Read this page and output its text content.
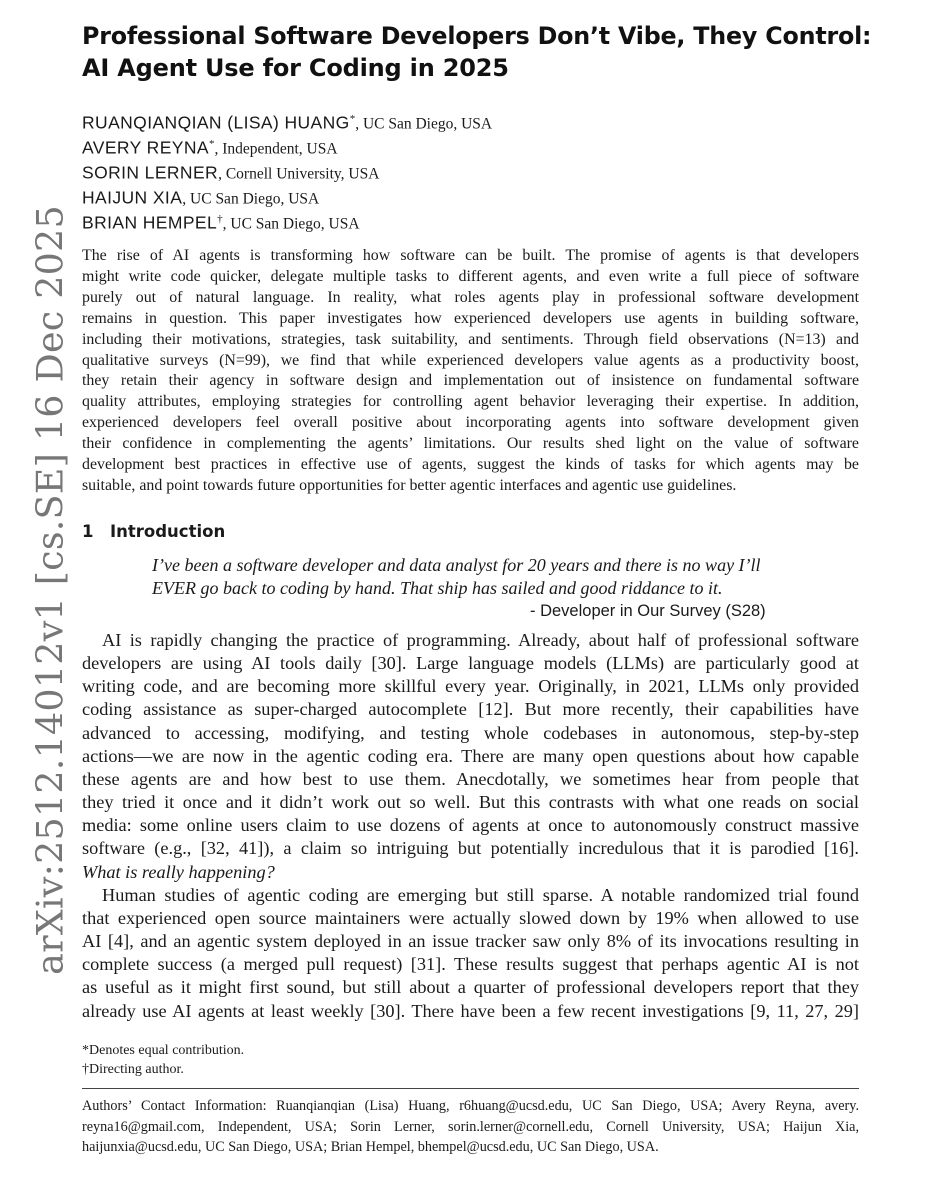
arXiv:2512.14012v1 [cs.SE] 16 Dec 2025
Professional Software Developers Don’t Vibe, They Control:
AI Agent Use for Coding in 2025
RUANQIANQIAN (LISA) HUANG*, UC San Diego, USA
AVERY REYNA*, Independent, USA
SORIN LERNER, Cornell University, USA
HAIJUN XIA, UC San Diego, USA
BRIAN HEMPEL†, UC San Diego, USA
The rise of AI agents is transforming how software can be built. The promise of agents is that developers
might write code quicker, delegate multiple tasks to different agents, and even write a full piece of software
purely out of natural language. In reality, what roles agents play in professional software development
remains in question. This paper investigates how experienced developers use agents in building software,
including their motivations, strategies, task suitability, and sentiments. Through field observations (N=13) and
qualitative surveys (N=99), we find that while experienced developers value agents as a productivity boost,
they retain their agency in software design and implementation out of insistence on fundamental software
quality attributes, employing strategies for controlling agent behavior leveraging their expertise. In addition,
experienced developers feel overall positive about incorporating agents into software development given
their confidence in complementing the agents’ limitations. Our results shed light on the value of software
development best practices in effective use of agents, suggest the kinds of tasks for which agents may be
suitable, and point towards future opportunities for better agentic interfaces and agentic use guidelines.
1 Introduction
I’ve been a software developer and data analyst for 20 years and there is no way I’ll
EVER go back to coding by hand. That ship has sailed and good riddance to it.
- Developer in Our Survey (S28)
AI is rapidly changing the practice of programming. Already, about half of professional software
developers are using AI tools daily [30]. Large language models (LLMs) are particularly good at
writing code, and are becoming more skillful every year. Originally, in 2021, LLMs only provided
coding assistance as super-charged autocomplete [12]. But more recently, their capabilities have
advanced to accessing, modifying, and testing whole codebases in autonomous, step-by-step
actions—we are now in the agentic coding era. There are many open questions about how capable
these agents are and how best to use them. Anecdotally, we sometimes hear from people that
they tried it once and it didn’t work out so well. But this contrasts with what one reads on social
media: some online users claim to use dozens of agents at once to autonomously construct massive
software (e.g., [32, 41]), a claim so intriguing but potentially incredulous that it is parodied [16].
What is really happening?
Human studies of agentic coding are emerging but still sparse. A notable randomized trial found
that experienced open source maintainers were actually slowed down by 19% when allowed to use
AI [4], and an agentic system deployed in an issue tracker saw only 8% of its invocations resulting in
complete success (a merged pull request) [31]. These results suggest that perhaps agentic AI is not
as useful as it might first sound, but still about a quarter of professional developers report that they
already use AI agents at least weekly [30]. There have been a few recent investigations [9, 11, 27, 29]
*Denotes equal contribution.
†Directing author.
Authors’ Contact Information: Ruanqianqian (Lisa) Huang, r6huang@ucsd.edu, UC San Diego, USA; Avery Reyna, avery.
reyna16@gmail.com, Independent, USA; Sorin Lerner, sorin.lerner@cornell.edu, Cornell University, USA; Haijun Xia,
haijunxia@ucsd.edu, UC San Diego, USA; Brian Hempel, bhempel@ucsd.edu, UC San Diego, USA.
